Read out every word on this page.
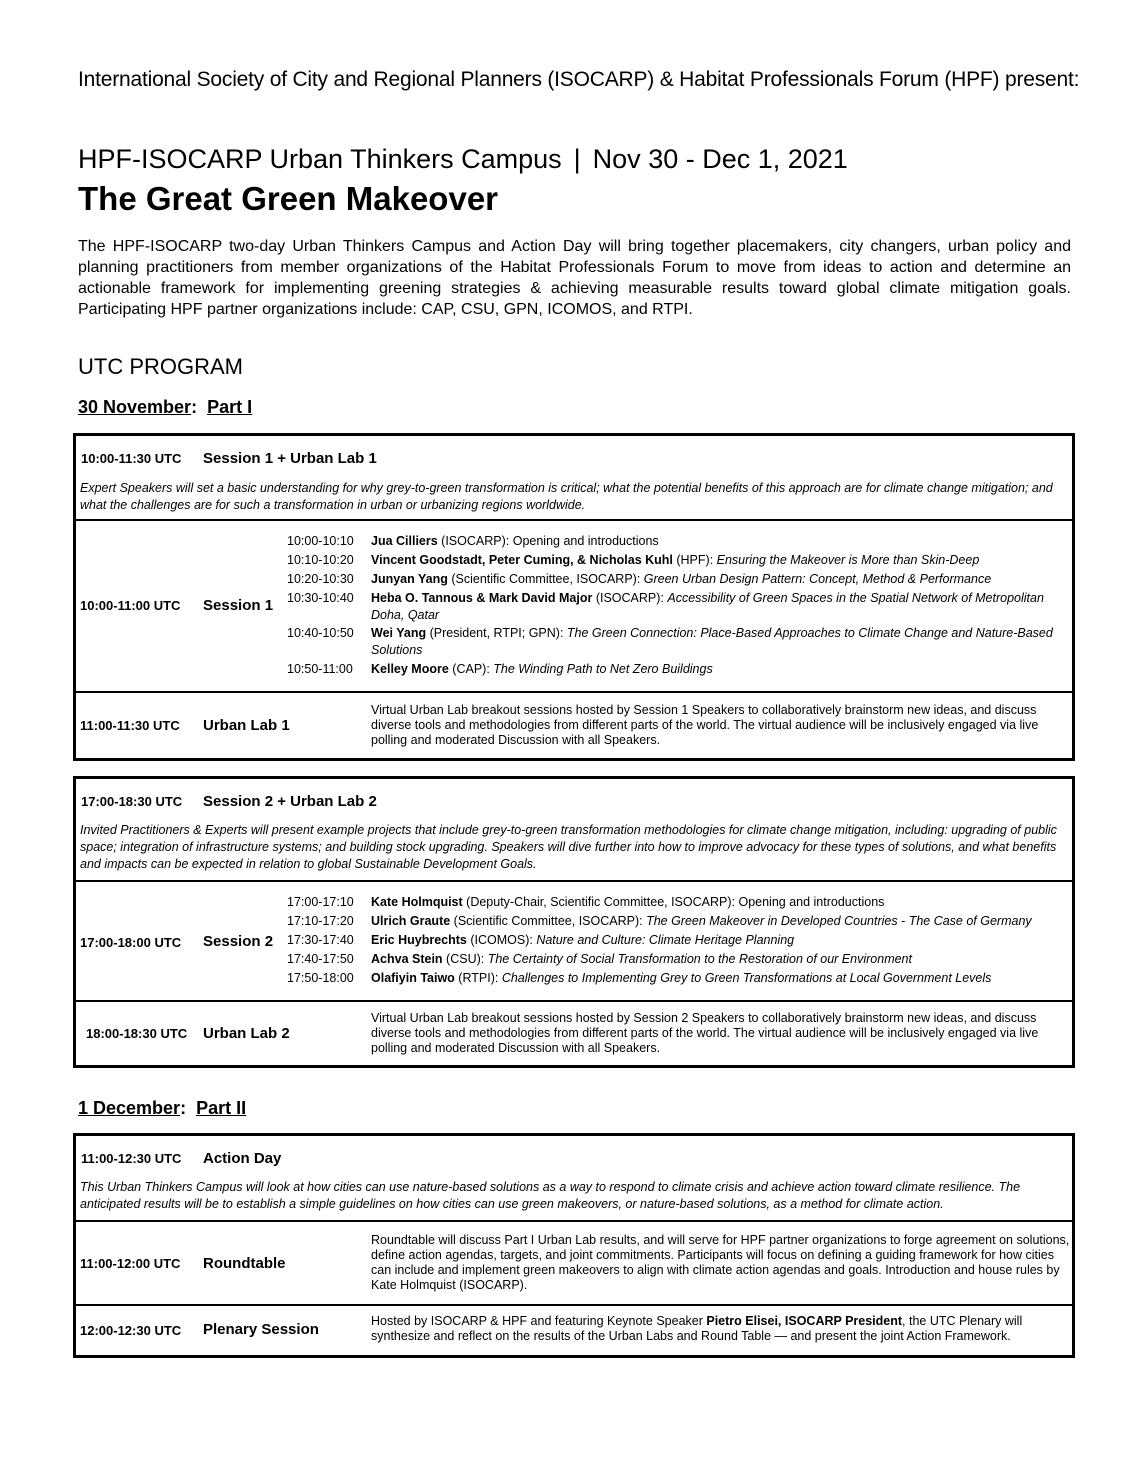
International Society of City and Regional Planners (ISOCARP) & Habitat Professionals Forum (HPF) present:
HPF-ISOCARP Urban Thinkers Campus | Nov 30 - Dec 1, 2021
The Great Green Makeover
The HPF-ISOCARP two-day Urban Thinkers Campus and Action Day will bring together placemakers, city changers, urban policy and planning practitioners from member organizations of the Habitat Professionals Forum to move from ideas to action and determine an actionable framework for implementing greening strategies & achieving measurable results toward global climate mitigation goals. Participating HPF partner organizations include: CAP, CSU, GPN, ICOMOS, and RTPI.
UTC PROGRAM
30 November: Part I
10:00-11:30 UTC Session 1 + Urban Lab 1
Expert Speakers will set a basic understanding for why grey-to-green transformation is critical; what the potential benefits of this approach are for climate change mitigation; and what the challenges are for such a transformation in urban or urbanizing regions worldwide.
10:00-11:00 UTC Session 1
10:00-10:10 Jua Cilliers (ISOCARP): Opening and introductions
10:10-10:20 Vincent Goodstadt, Peter Cuming, & Nicholas Kuhl (HPF): Ensuring the Makeover is More than Skin-Deep
10:20-10:30 Junyan Yang (Scientific Committee, ISOCARP): Green Urban Design Pattern: Concept, Method & Performance
10:30-10:40 Heba O. Tannous & Mark David Major (ISOCARP): Accessibility of Green Spaces in the Spatial Network of Metropolitan Doha, Qatar
10:40-10:50 Wei Yang (President, RTPI; GPN): The Green Connection: Place-Based Approaches to Climate Change and Nature-Based Solutions
10:50-11:00 Kelley Moore (CAP): The Winding Path to Net Zero Buildings
11:00-11:30 UTC Urban Lab 1
Virtual Urban Lab breakout sessions hosted by Session 1 Speakers to collaboratively brainstorm new ideas, and discuss diverse tools and methodologies from different parts of the world. The virtual audience will be inclusively engaged via live polling and moderated Discussion with all Speakers.
17:00-18:30 UTC Session 2 + Urban Lab 2
Invited Practitioners & Experts will present example projects that include grey-to-green transformation methodologies for climate change mitigation, including: upgrading of public space; integration of infrastructure systems; and building stock upgrading. Speakers will dive further into how to improve advocacy for these types of solutions, and what benefits and impacts can be expected in relation to global Sustainable Development Goals.
17:00-18:00 UTC Session 2
17:00-17:10 Kate Holmquist (Deputy-Chair, Scientific Committee, ISOCARP): Opening and introductions
17:10-17:20 Ulrich Graute (Scientific Committee, ISOCARP): The Green Makeover in Developed Countries - The Case of Germany
17:30-17:40 Eric Huybrechts (ICOMOS): Nature and Culture: Climate Heritage Planning
17:40-17:50 Achva Stein (CSU): The Certainty of Social Transformation to the Restoration of our Environment
17:50-18:00 Olafiyin Taiwo (RTPI): Challenges to Implementing Grey to Green Transformations at Local Government Levels
18:00-18:30 UTC Urban Lab 2
Virtual Urban Lab breakout sessions hosted by Session 2 Speakers to collaboratively brainstorm new ideas, and discuss diverse tools and methodologies from different parts of the world. The virtual audience will be inclusively engaged via live polling and moderated Discussion with all Speakers.
1 December: Part II
11:00-12:30 UTC Action Day
This Urban Thinkers Campus will look at how cities can use nature-based solutions as a way to respond to climate crisis and achieve action toward climate resilience. The anticipated results will be to establish a simple guidelines on how cities can use green makeovers, or nature-based solutions, as a method for climate action.
11:00-12:00 UTC Roundtable
Roundtable will discuss Part I Urban Lab results, and will serve for HPF partner organizations to forge agreement on solutions, define action agendas, targets, and joint commitments. Participants will focus on defining a guiding framework for how cities can include and implement green makeovers to align with climate action agendas and goals. Introduction and house rules by Kate Holmquist (ISOCARP).
12:00-12:30 UTC Plenary Session	Hosted by ISOCARP & HPF and featuring Keynote Speaker Pietro Elisei, ISOCARP President, the UTC Plenary will synthesize and reflect on the results of the Urban Labs and Round Table — and present the joint Action Framework.
